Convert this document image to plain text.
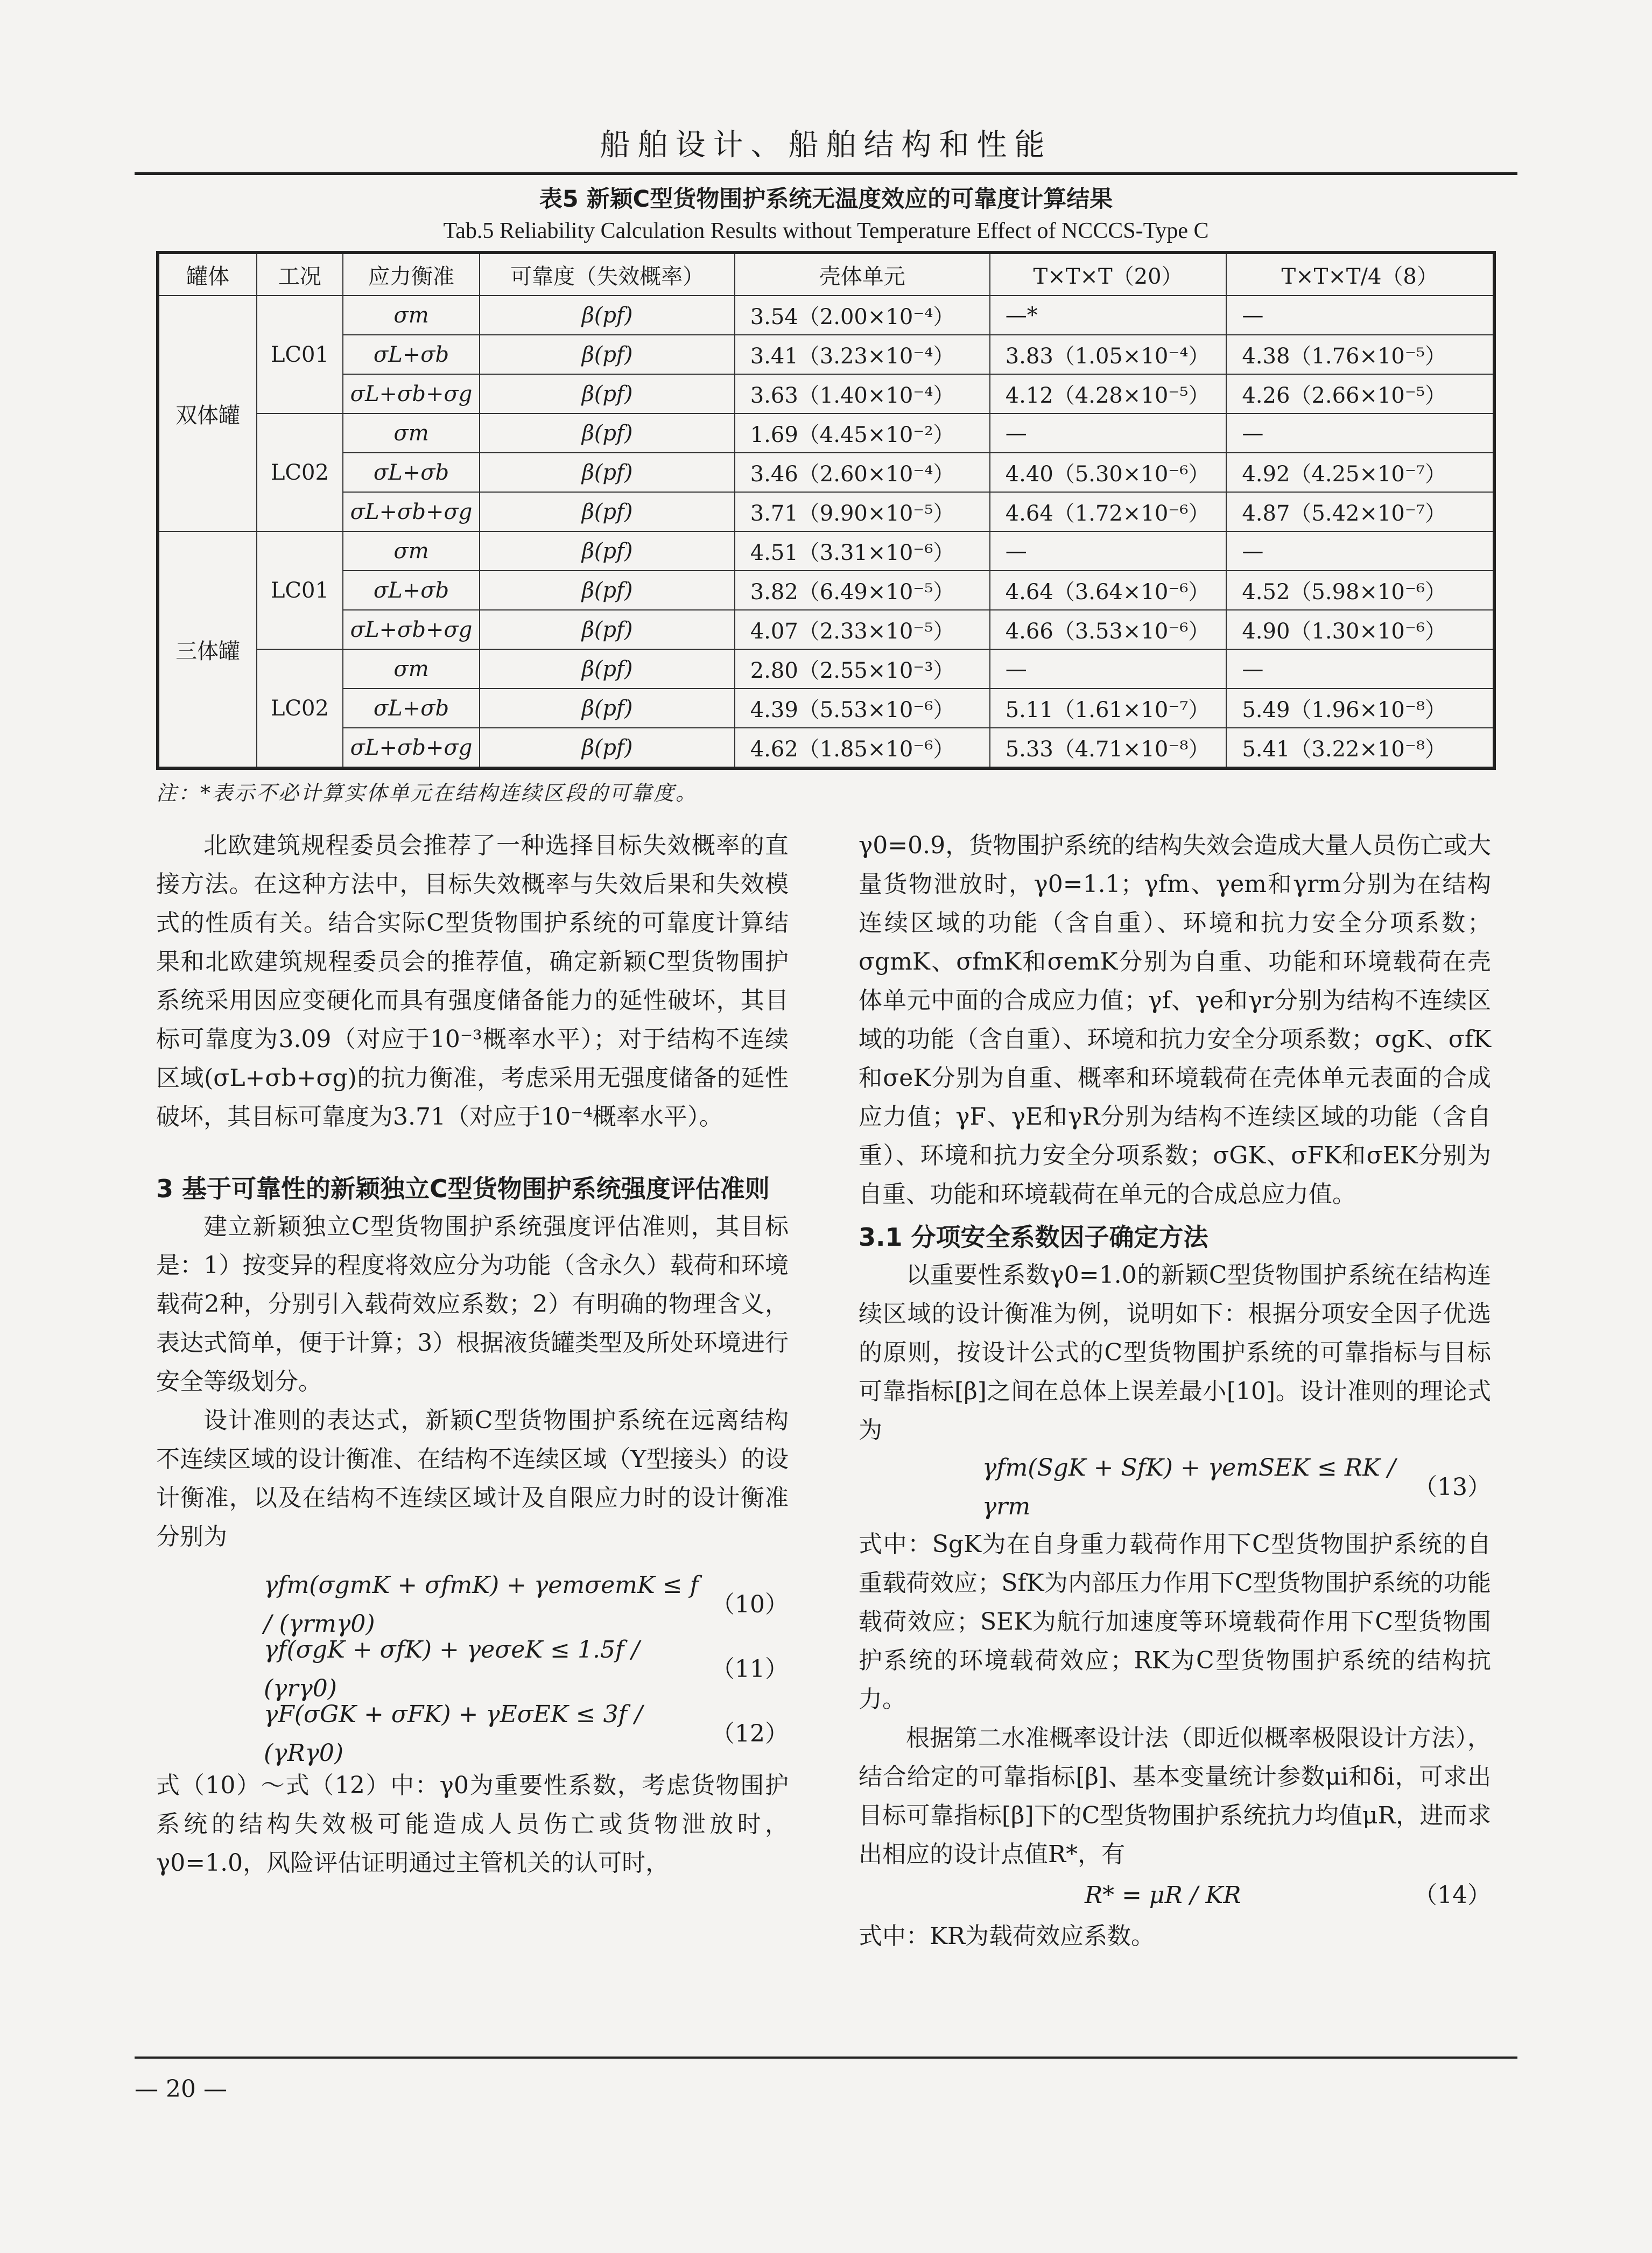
船舶设计、船舶结构和性能
表5 新颖C型货物围护系统无温度效应的可靠度计算结果
Tab.5 Reliability Calculation Results without Temperature Effect of NCCCS-Type C
罐体	工况	应力衡准	可靠度（失效概率）	壳体单元	T×T×T（20）	T×T×T/4（8）
双体罐	LC01	σm	β(pf)	3.54（2.00×10⁻⁴）	—*	—
		σL+σb	β(pf)	3.41（3.23×10⁻⁴）	3.83（1.05×10⁻⁴）	4.38（1.76×10⁻⁵）
		σL+σb+σg	β(pf)	3.63（1.40×10⁻⁴）	4.12（4.28×10⁻⁵）	4.26（2.66×10⁻⁵）
	LC02	σm	β(pf)	1.69（4.45×10⁻²）	—	—
		σL+σb	β(pf)	3.46（2.60×10⁻⁴）	4.40（5.30×10⁻⁶）	4.92（4.25×10⁻⁷）
		σL+σb+σg	β(pf)	3.71（9.90×10⁻⁵）	4.64（1.72×10⁻⁶）	4.87（5.42×10⁻⁷）
三体罐	LC01	σm	β(pf)	4.51（3.31×10⁻⁶）	—	—
		σL+σb	β(pf)	3.82（6.49×10⁻⁵）	4.64（3.64×10⁻⁶）	4.52（5.98×10⁻⁶）
		σL+σb+σg	β(pf)	4.07（2.33×10⁻⁵）	4.66（3.53×10⁻⁶）	4.90（1.30×10⁻⁶）
	LC02	σm	β(pf)	2.80（2.55×10⁻³）	—	—
		σL+σb	β(pf)	4.39（5.53×10⁻⁶）	5.11（1.61×10⁻⁷）	5.49（1.96×10⁻⁸）
		σL+σb+σg	β(pf)	4.62（1.85×10⁻⁶）	5.33（4.71×10⁻⁸）	5.41（3.22×10⁻⁸）
注：*表示不必计算实体单元在结构连续区段的可靠度。

北欧建筑规程委员会推荐了一种选择目标失效概率的直接方法。在这种方法中，目标失效概率与失效后果和失效模式的性质有关。结合实际C型货物围护系统的可靠度计算结果和北欧建筑规程委员会的推荐值，确定新颖C型货物围护系统采用因应变硬化而具有强度储备能力的延性破坏，其目标可靠度为3.09（对应于10⁻³概率水平）；对于结构不连续区域(σL+σb+σg)的抗力衡准，考虑采用无强度储备的延性破坏，其目标可靠度为3.71（对应于10⁻⁴概率水平）。

3 基于可靠性的新颖独立C型货物围护系统强度评估准则

建立新颖独立C型货物围护系统强度评估准则，其目标是：1）按变异的程度将效应分为功能（含永久）载荷和环境载荷2种，分别引入载荷效应系数；2）有明确的物理含义，表达式简单，便于计算；3）根据液货罐类型及所处环境进行安全等级划分。

设计准则的表达式，新颖C型货物围护系统在远离结构不连续区域的设计衡准、在结构不连续区域（Y型接头）的设计衡准，以及在结构不连续区域计及自限应力时的设计衡准分别为

γfm(σgmK + σfmK) + γemσemK ≤ f / (γrmγ0)
（10）
γf(σgK + σfK) + γeσeK ≤ 1.5f / (γrγ0)
（11）
γF(σGK + σFK) + γEσEK ≤ 3f / (γRγ0)
（12）

式（10）～式（12）中：γ0为重要性系数，考虑货物围护系统的结构失效极可能造成人员伤亡或货物泄放时，γ0=1.0，风险评估证明通过主管机关的认可时，

γ0=0.9，货物围护系统的结构失效会造成大量人员伤亡或大量货物泄放时，γ0=1.1；γfm、γem和γrm分别为在结构连续区域的功能（含自重）、环境和抗力安全分项系数；σgmK、σfmK和σemK分别为自重、功能和环境载荷在壳体单元中面的合成应力值；γf、γe和γr分别为结构不连续区域的功能（含自重）、环境和抗力安全分项系数；σgK、σfK和σeK分别为自重、概率和环境载荷在壳体单元表面的合成应力值；γF、γE和γR分别为结构不连续区域的功能（含自重）、环境和抗力安全分项系数；σGK、σFK和σEK分别为自重、功能和环境载荷在单元的合成总应力值。

3.1 分项安全系数因子确定方法

以重要性系数γ0=1.0的新颖C型货物围护系统在结构连续区域的设计衡准为例，说明如下：根据分项安全因子优选的原则，按设计公式的C型货物围护系统的可靠指标与目标可靠指标[β]之间在总体上误差最小[10]。设计准则的理论式为

γfm(SgK + SfK) + γemSEK ≤ RK / γrm
（13）

式中：SgK为在自身重力载荷作用下C型货物围护系统的自重载荷效应；SfK为内部压力作用下C型货物围护系统的功能载荷效应；SEK为航行加速度等环境载荷作用下C型货物围护系统的环境载荷效应；RK为C型货物围护系统的结构抗力。

根据第二水准概率设计法（即近似概率极限设计方法），结合给定的可靠指标[β]、基本变量统计参数μi和δi，可求出目标可靠指标[β]下的C型货物围护系统抗力均值μR，进而求出相应的设计点值R*，有

R* = μR / KR	（14）

式中：KR为载荷效应系数。

— 20 —
